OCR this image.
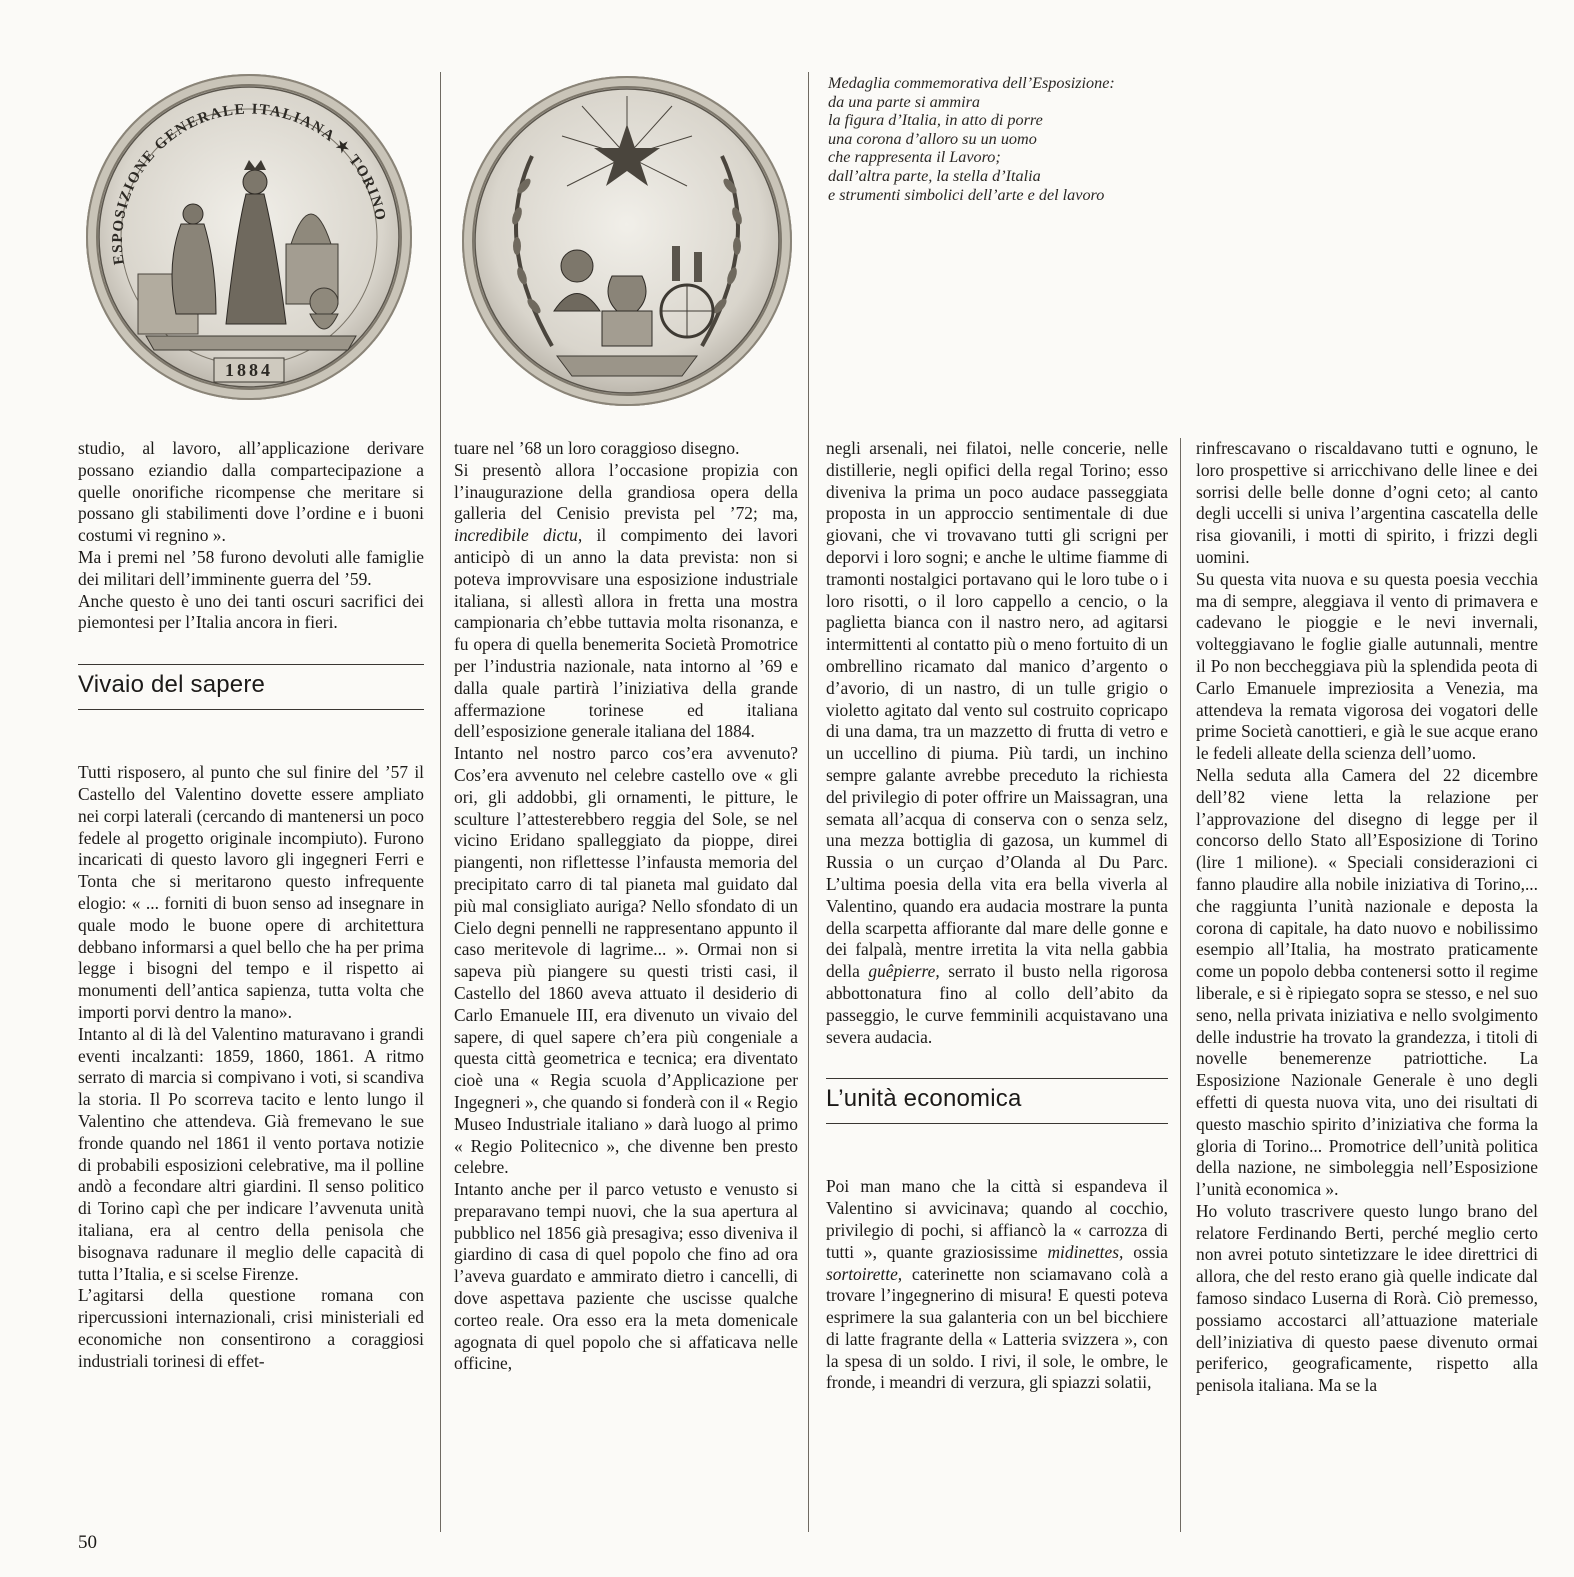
ESPOSIZIONE GENERALE ITALIANA ★ TORINO
1884
Medaglia commemorativa dell’Esposizione:
da una parte si ammira
la figura d’Italia, in atto di porre
una corona d’alloro su un uomo
che rappresenta il Lavoro;
dall’altra parte, la stella d’Italia
e strumenti simbolici dell’arte e del lavoro

studio, al lavoro, all’applicazione derivare possano eziandio dalla compartecipazione a quelle onorifiche ricompense che meritare si possano gli stabilimenti dove l’ordine e i buoni costumi vi regnino ».

Ma i premi nel ’58 furono devoluti alle famiglie dei militari dell’imminente guerra del ’59.

Anche questo è uno dei tanti oscuri sacrifici dei piemontesi per l’Italia ancora in fieri.

Vivaio del sapere

Tutti risposero, al punto che sul finire del ’57 il Castello del Valentino dovette essere ampliato nei corpi laterali (cercando di mantenersi un poco fedele al progetto originale incompiuto). Furono incaricati di questo lavoro gli ingegneri Ferri e Tonta che si meritarono questo infrequente elogio: « ... forniti di buon senso ad insegnare in quale modo le buone opere di architettura debbano informarsi a quel bello che ha per prima legge i bisogni del tempo e il rispetto ai monumenti dell’antica sapienza, tutta volta che importi porvi dentro la mano».

Intanto al di là del Valentino maturavano i grandi eventi incalzanti: 1859, 1860, 1861. A ritmo serrato di marcia si compivano i voti, si scandiva la storia. Il Po scorreva tacito e lento lungo il Valentino che attendeva. Già fremevano le sue fronde quando nel 1861 il vento portava notizie di probabili esposizioni celebrative, ma il polline andò a fecondare altri giardini. Il senso politico di Torino capì che per indicare l’avvenuta unità italiana, era al centro della penisola che bisognava radunare il meglio delle capacità di tutta l’Italia, e si scelse Firenze.

L’agitarsi della questione romana con ripercussioni internazionali, crisi ministeriali ed economiche non consentirono a coraggiosi industriali torinesi di effet-

tuare nel ’68 un loro coraggioso disegno.

Si presentò allora l’occasione propizia con l’inaugurazione della grandiosa opera della galleria del Cenisio prevista pel ’72; ma, incredibile dictu, il compimento dei lavori anticipò di un anno la data prevista: non si poteva improvvisare una esposizione industriale italiana, si allestì allora in fretta una mostra campionaria ch’ebbe tuttavia molta risonanza, e fu opera di quella benemerita Società Promotrice per l’industria nazionale, nata intorno al ’69 e dalla quale partirà l’iniziativa della grande affermazione torinese ed italiana dell’esposizione generale italiana del 1884.

Intanto nel nostro parco cos’era avvenuto? Cos’era avvenuto nel celebre castello ove « gli ori, gli addobbi, gli ornamenti, le pitture, le sculture l’attesterebbero reggia del Sole, se nel vicino Eridano spalleggiato da pioppe, direi piangenti, non riflettesse l’infausta memoria del precipitato carro di tal pianeta mal guidato dal più mal consigliato auriga? Nello sfondato di un Cielo degni pennelli ne rappresentano appunto il caso meritevole di lagrime... ». Ormai non si sapeva più piangere su questi tristi casi, il Castello del 1860 aveva attuato il desiderio di Carlo Emanuele III, era divenuto un vivaio del sapere, di quel sapere ch’era più congeniale a questa città geometrica e tecnica; era diventato cioè una « Regia scuola d’Applicazione per Ingegneri », che quando si fonderà con il « Regio Museo Industriale italiano » darà luogo al primo « Regio Politecnico », che divenne ben presto celebre.

Intanto anche per il parco vetusto e venusto si preparavano tempi nuovi, che la sua apertura al pubblico nel 1856 già presagiva; esso diveniva il giardino di casa di quel popolo che fino ad ora l’aveva guardato e ammirato dietro i cancelli, di dove aspettava paziente che uscisse qualche corteo reale. Ora esso era la meta domenicale agognata di quel popolo che si affaticava nelle officine,

negli arsenali, nei filatoi, nelle concerie, nelle distillerie, negli opifici della regal Torino; esso diveniva la prima un poco audace passeggiata proposta in un approccio sentimentale di due giovani, che vi trovavano tutti gli scrigni per deporvi i loro sogni; e anche le ultime fiamme di tramonti nostalgici portavano qui le loro tube o i loro risotti, o il loro cappello a cencio, o la paglietta bianca con il nastro nero, ad agitarsi intermittenti al contatto più o meno fortuito di un ombrellino ricamato dal manico d’argento o d’avorio, di un nastro, di un tulle grigio o violetto agitato dal vento sul costruito copricapo di una dama, tra un mazzetto di frutta di vetro e un uccellino di piuma. Più tardi, un inchino sempre galante avrebbe preceduto la richiesta del privilegio di poter offrire un Maissagran, una semata all’acqua di conserva con o senza selz, una mezza bottiglia di gazosa, un kummel di Russia o un curçao d’Olanda al Du Parc. L’ultima poesia della vita era bella viverla al Valentino, quando era audacia mostrare la punta della scarpetta affiorante dal mare delle gonne e dei falpalà, mentre irretita la vita nella gabbia della guêpierre, serrato il busto nella rigorosa abbottonatura fino al collo dell’abito da passeggio, le curve femminili acquistavano una severa audacia.

L’unità economica

Poi man mano che la città si espandeva il Valentino si avvicinava; quando al cocchio, privilegio di pochi, si affiancò la « carrozza di tutti », quante graziosissime midinettes, ossia sortoirette, caterinette non sciamavano colà a trovare l’ingegnerino di misura! E questi poteva esprimere la sua galanteria con un bel bicchiere di latte fragrante della « Latteria svizzera », con la spesa di un soldo. I rivi, il sole, le ombre, le fronde, i meandri di verzura, gli spiazzi solatii,

rinfrescavano o riscaldavano tutti e ognuno, le loro prospettive si arricchivano delle linee e dei sorrisi delle belle donne d’ogni ceto; al canto degli uccelli si univa l’argentina cascatella delle risa giovanili, i motti di spirito, i frizzi degli uomini.

Su questa vita nuova e su questa poesia vecchia ma di sempre, aleggiava il vento di primavera e cadevano le pioggie e le nevi invernali, volteggiavano le foglie gialle autunnali, mentre il Po non beccheggiava più la splendida peota di Carlo Emanuele impreziosita a Venezia, ma attendeva la remata vigorosa dei vogatori delle prime Società canottieri, e già le sue acque erano le fedeli alleate della scienza dell’uomo.

Nella seduta alla Camera del 22 dicembre dell’82 viene letta la relazione per l’approvazione del disegno di legge per il concorso dello Stato all’Esposizione di Torino (lire 1 milione). « Speciali considerazioni ci fanno plaudire alla nobile iniziativa di Torino,... che raggiunta l’unità nazionale e deposta la corona di capitale, ha dato nuovo e nobilissimo esempio all’Italia, ha mostrato praticamente come un popolo debba contenersi sotto il regime liberale, e si è ripiegato sopra se stesso, e nel suo seno, nella privata iniziativa e nello svolgimento delle industrie ha trovato la grandezza, i titoli di novelle benemerenze patriottiche. La Esposizione Nazionale Generale è uno degli effetti di questa nuova vita, uno dei risultati di questo maschio spirito d’iniziativa che forma la gloria di Torino... Promotrice dell’unità politica della nazione, ne simboleggia nell’Esposizione l’unità economica ».

Ho voluto trascrivere questo lungo brano del relatore Ferdinando Berti, perché meglio certo non avrei potuto sintetizzare le idee direttrici di allora, che del resto erano già quelle indicate dal famoso sindaco Luserna di Rorà. Ciò premesso, possiamo accostarci all’attuazione materiale dell’iniziativa di questo paese divenuto ormai periferico, geograficamente, rispetto alla penisola italiana. Ma se la

50
